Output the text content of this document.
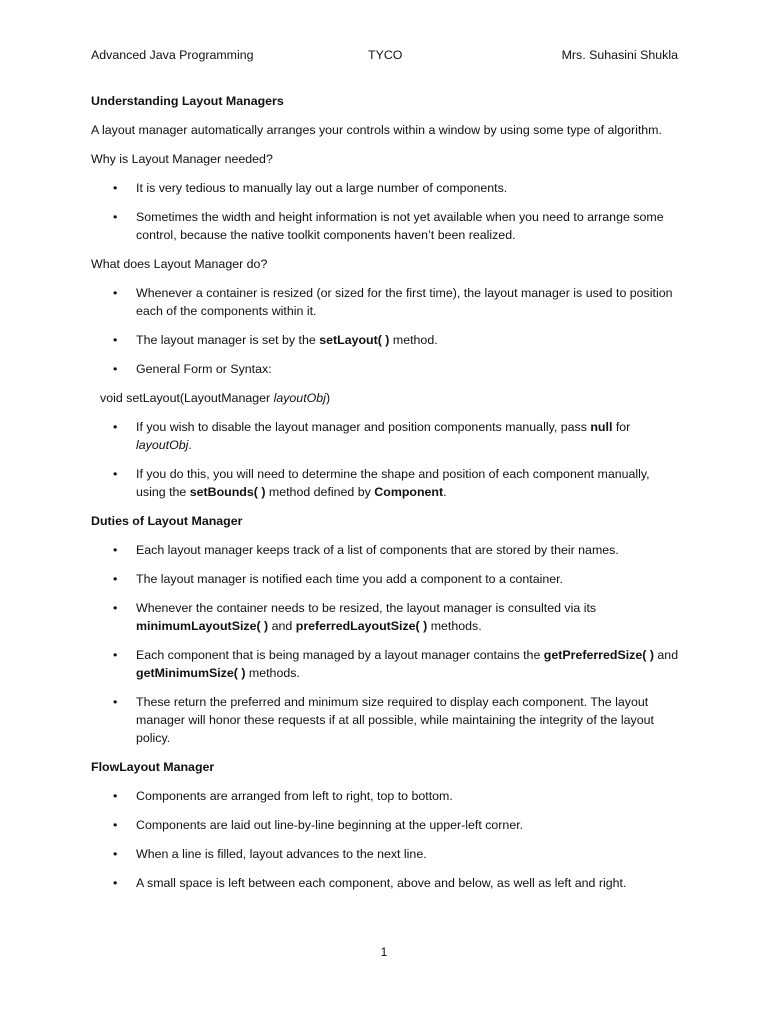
Advanced Java Programming	TYCO	Mrs. Suhasini Shukla

Understanding Layout Managers

A layout manager automatically arranges your controls within a window by using some type of algorithm.

Why is Layout Manager needed?

• It is very tedious to manually lay out a large number of components.
• Sometimes the width and height information is not yet available when you need to arrange some control, because the native toolkit components haven’t been realized.

What does Layout Manager do?

• Whenever a container is resized (or sized for the first time), the layout manager is used to position each of the components within it.
• The layout manager is set by the setLayout( ) method.
• General Form or Syntax:

void setLayout(LayoutManager layoutObj)

• If you wish to disable the layout manager and position components manually, pass null for layoutObj.
• If you do this, you will need to determine the shape and position of each component manually, using the setBounds( ) method defined by Component.

Duties of Layout Manager

• Each layout manager keeps track of a list of components that are stored by their names.
• The layout manager is notified each time you add a component to a container.
• Whenever the container needs to be resized, the layout manager is consulted via its minimumLayoutSize( ) and preferredLayoutSize( ) methods.
• Each component that is being managed by a layout manager contains the getPreferredSize( ) and getMinimumSize( ) methods.
• These return the preferred and minimum size required to display each component. The layout manager will honor these requests if at all possible, while maintaining the integrity of the layout policy.

FlowLayout Manager

• Components are arranged from left to right, top to bottom.
• Components are laid out line-by-line beginning at the upper-left corner.
• When a line is filled, layout advances to the next line.
• A small space is left between each component, above and below, as well as left and right.
1
